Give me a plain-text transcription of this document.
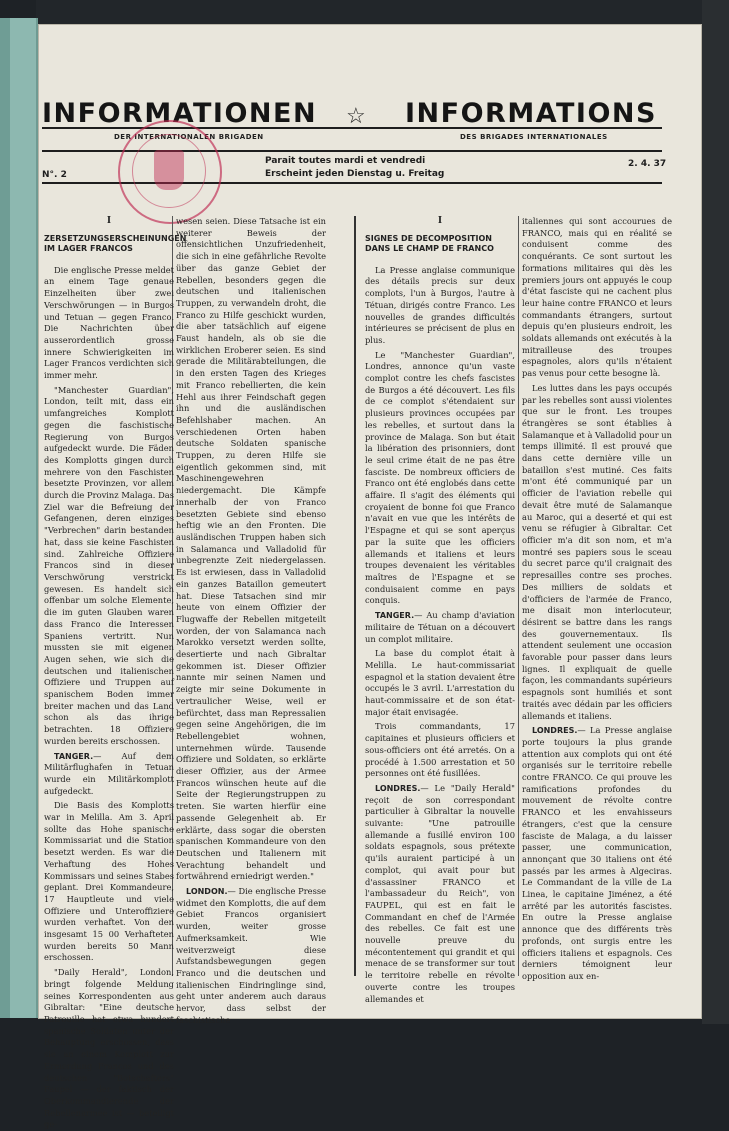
INFORMATIONEN ☆ INFORMATIONS
DER INTERNATIONALEN BRIGADEN	DES BRIGADES INTERNATIONALES
Parait toutes mardi et vendredi
Erscheint jeden Dienstag u. Freitag
N°. 2
2. 4. 37

I

ZERSETZUNGSERSCHEINUNGEN IM LAGER FRANCOS

Die englische Presse meldet an einem Tage genaue Einzelheiten über zwei Verschwörungen — in Burgos und Tetuan — gegen Franco. Die Nachrichten über ausserordentlich grosse innere Schwierigkeiten im Lager Francos verdichten sich immer mehr.

"Manchester Guardian", London, teilt mit, dass ein umfangreiches Komplott gegen die faschistische Regierung von Burgos aufgedeckt wurde. Die Fäden des Komplotts gingen durch mehrere von den Faschisten besetzte Provinzen, vor allem durch die Provinz Malaga. Das Ziel war die Befreiung der Gefangenen, deren einziges "Verbrechen" darin bestanden hat, dass sie keine Faschisten sind. Zahlreiche Offiziere Francos sind in dieser Verschwörung verstrickt gewesen. Es handelt sich offenbar um solche Elemente, die im guten Glauben waren dass Franco die Interessen Spaniens vertritt. Nun mussten sie mit eigenen Augen sehen, wie sich die deutschen und italienischen Offiziere und Truppen auf spanischem Boden immer breiter machen und das Land schon als das ihrige betrachten. 18 Offiziere wurden bereits erschossen.

TANGER.— Auf dem Militärflughafen in Tetuan wurde ein Militärkomplott aufgedeckt.

Die Basis des Komplotts war in Melilla. Am 3. April sollte das Hohe spanische Kommissariat und die Station besetzt werden. Es war die Verhaftung des Hohes Kommissars und seines Stabes geplant. Drei Kommandeure, 17 Hauptleute und viele Offiziere und Unteroffiziere wurden verhaftet. Von den insgesamt 15 00 Verhafteten wurden bereits 50 Mann erschossen.

"Daily Herald", London, bringt folgende Meldung seines Korrespondenten aus Gibraltar: "Eine deutsche Patrouille hat etwa hundert spanische Soldaten unter der Behauptung erschossen, dass sie an einem Komplott zur Ermordung Francos und des deutschen "Botschafters" Faupel — der faktisch der Oberkommandierende der Rebellenarmee ist — beteiligt ge-

wesen seien. Diese Tatsache ist ein weiterer Beweis der offensichtlichen Unzufriedenheit, die sich in eine gefährliche Revolte über das ganze Gebiet der Rebellen, besonders gegen die deutschen und italienischen Truppen, zu verwandeln droht, die Franco zu Hilfe geschickt wurden, die aber tatsächlich auf eigene Faust handeln, als ob sie die wirklichen Eroberer seien. Es sind gerade die Militärabteilungen, die in den ersten Tagen des Krieges mit Franco rebellierten, die kein Hehl aus ihrer Feindschaft gegen ihn und die ausländischen Befehlshaber machen. An verschiedenen Orten haben deutsche Soldaten spanische Truppen, zu deren Hilfe sie eigentlich gekommen sind, mit Maschinengewehren niedergemacht. Die Kämpfe innerhalb der von Franco besetzten Gebiete sind ebenso heftig wie an den Fronten. Die ausländischen Truppen haben sich in Salamanca und Valladolid für unbegrenzte Zeit niedergelassen. Es ist erwiesen, dass in Valladolid ein ganzes Bataillon gemeutert hat. Diese Tatsachen sind mir heute von einem Offizier der Flugwaffe der Rebellen mitgeteilt worden, der von Salamanca nach Marokko versetzt werden sollte, desertierte und nach Gibraltar gekommen ist. Dieser Offizier nannte mir seinen Namen und zeigte mir seine Dokumente in vertraulicher Weise, weil er befürchtet, dass man Repressalien gegen seine Angehörigen, die im Rebellengebiet wohnen, unternehmen würde. Tausende Offiziere und Soldaten, so erklärte dieser Offizier, aus der Armee Francos wünschen heute auf die Seite der Regierungstruppen zu treten. Sie warten hierfür eine passende Gelegenheit ab. Er erklärte, dass sogar die obersten spanischen Kommandeure von den Deutschen und Italienern mit Verachtung behandelt und fortwährend erniedrigt werden."

LONDON.— Die englische Presse widmet den Komplotts, die auf dem Gebiet Francos organisiert wurden, weiter grosse Aufmerksamkeit. Wie weitverzweigt diese Aufstandsbewegungen gegen Franco und die deutschen und italienischen Eindringlinge sind, geht unter anderem auch daraus hervor, dass selbst der faschistische

I

SIGNES DE DECOMPOSITION DANS LE CHAMP DE FRANCO

La Presse anglaise communique des détails precis sur deux complots, l'un à Burgos, l'autre à Tétuan, dirigés contre Franco. Les nouvelles de grandes difficultés intérieures se précisent de plus en plus.

Le "Manchester Guardian", Londres, annonce qu'un vaste complot contre les chefs fascistes de Burgos a été découvert. Les fils de ce complot s'étendaient sur plusieurs provinces occupées par les rebelles, et surtout dans la province de Malaga. Son but était la libération des prisonniers, dont le seul crime était de ne pas être fasciste. De nombreux officiers de Franco ont été englobés dans cette affaire. Il s'agit des éléments qui croyaient de bonne foi que Franco n'avait en vue que les intérêts de l'Espagne et qui se sont aperçus par la suite que les officiers allemands et italiens et leurs troupes devenaient les véritables maîtres de l'Espagne et se conduisaient comme en pays conquis.

TANGER.— Au champ d'aviation militaire de Tétuan on a découvert un complot militaire.

La base du complot était à Melilla. Le haut-commissariat espagnol et la station devaient être occupés le 3 avril. L'arrestation du haut-commissaire et de son état-major était envisagée.

Trois commandants, 17 capitaines et plusieurs officiers et sous-officiers ont été arretés. On a procédé à 1.500 arrestation et 50 personnes ont été fusillées.

LONDRES.— Le "Daily Herald" reçoit de son correspondant particulier à Gibraltar la nouvelle suivante: "Une patrouille allemande a fusillé environ 100 soldats espagnols, sous prétexte qu'ils auraient participé à un complot, qui avait pour but d'assassiner FRANCO et l'ambassadeur du Reich", von FAUPEL, qui est en fait le Commandant en chef de l'Armée des rebelles. Ce fait est une nouvelle preuve du mécontentement qui grandit et qui menace de se transformer sur tout le territoire rebelle en révolte ouverte contre les troupes allemandes et

italiennes qui sont accourues de FRANCO, mais qui en réalité se conduisent comme des conquérants. Ce sont surtout les formations militaires qui dès les premiers jours ont appuyés le coup d'état fasciste qui ne cachent plus leur haine contre FRANCO et leurs commandants étrangers, surtout depuis qu'en plusieurs endroit, les soldats allemands ont exécutés à la mitrailleuse des troupes espagnoles, alors qu'ils n'étaient pas venus pour cette besogne là.

Les luttes dans les pays occupés par les rebelles sont aussi violentes que sur le front. Les troupes étrangères se sont établies à Salamanque et à Valladolid pour un temps illimité. Il est prouvé que dans cette dernière ville un bataillon s'est mutiné. Ces faits m'ont été communiqué par un officier de l'aviation rebelle qui devait être muté de Salamanque au Maroc, qui a deserté et qui est venu se réfugier à Gibraltar. Cet officier m'a dit son nom, et m'a montré ses papiers sous le sceau du secret parce qu'il craignait des represailles contre ses proches. Des milliers de soldats et d'officiers de l'armée de Franco, me disait mon interlocuteur, désirent se battre dans les rangs des gouvernementaux. Ils attendent seulement une occasion favorable pour passer dans leurs lignes. Il expliquait de quelle façon, les commandants supérieurs espagnols sont humiliés et sont traités avec dédain par les officiers allemands et italiens.

LONDRES.— La Presse anglaise porte toujours la plus grande attention aux complots qui ont été organisés sur le territoire rebelle contre FRANCO. Ce qui prouve les ramifications profondes du mouvement de révolte contre FRANCO et les envahisseurs étrangers, c'est que la censure fasciste de Malaga, a du laisser passer, une communication, annonçant que 30 italiens ont été passés par les armes à Algeciras. Le Commandant de la ville de La Linea, le capitaine Jiménez, a été arrêté par les autorités fascistes. En outre la Presse anglaise annonce que des différents très profonds, ont surgis entre les officiers italiens et espagnols. Ces derniers témoignent leur opposition aux en-
